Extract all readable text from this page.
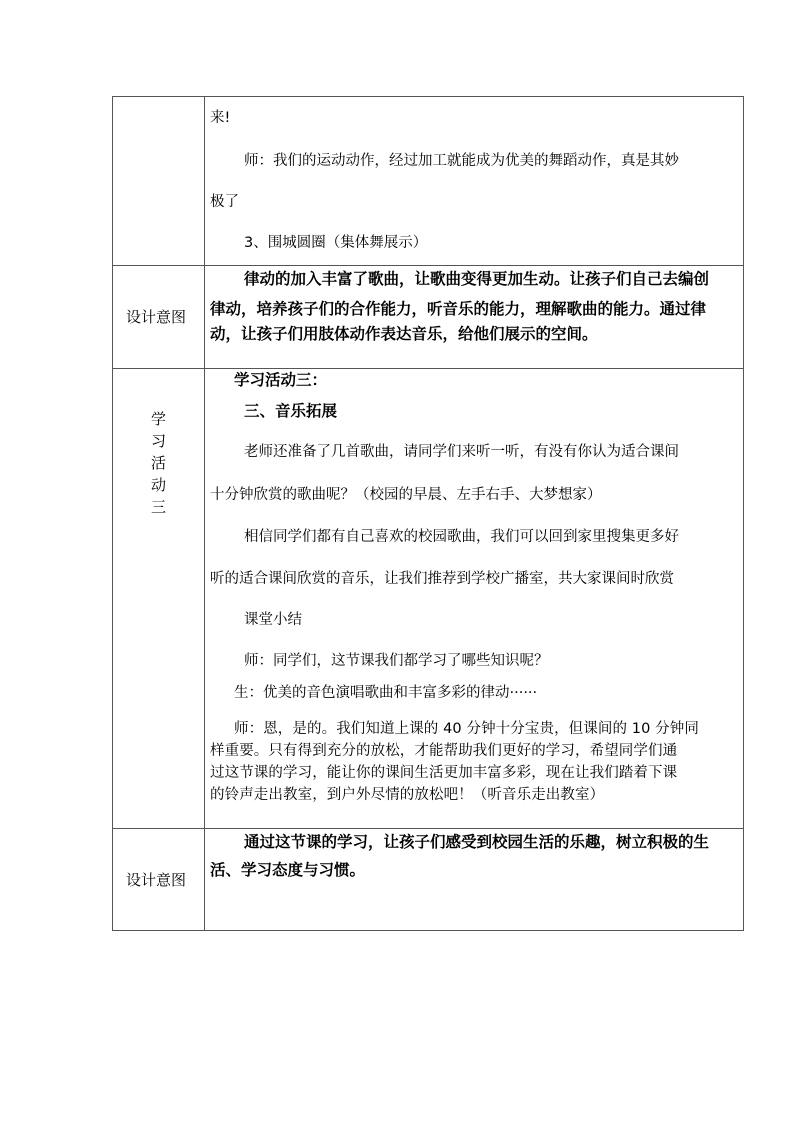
来!
师：我们的运动动作，经过加工就能成为优美的舞蹈动作，真是其妙
极了
3、围城圆圈（集体舞展示）
设计意图
律动的加入丰富了歌曲，让歌曲变得更加生动。让孩子们自己去编创
律动，培养孩子们的合作能力，听音乐的能力，理解歌曲的能力。通过律
动，让孩子们用肢体动作表达音乐，给他们展示的空间。
学
习
活
动
三
学习活动三：
三、音乐拓展
老师还准备了几首歌曲，请同学们来听一听，有没有你认为适合课间
十分钟欣赏的歌曲呢？（校园的早晨、左手右手、大梦想家）
相信同学们都有自己喜欢的校园歌曲，我们可以回到家里搜集更多好
听的适合课间欣赏的音乐，让我们推荐到学校广播室，共大家课间时欣赏
课堂小结
师：同学们，这节课我们都学习了哪些知识呢？
生：优美的音色演唱歌曲和丰富多彩的律动······
师：恩，是的。我们知道上课的 40 分钟十分宝贵，但课间的 10 分钟同
样重要。只有得到充分的放松，才能帮助我们更好的学习，希望同学们通
过这节课的学习，能让你的课间生活更加丰富多彩，现在让我们踏着下课
的铃声走出教室，到户外尽情的放松吧！（听音乐走出教室）
设计意图
通过这节课的学习，让孩子们感受到校园生活的乐趣，树立积极的生
活、学习态度与习惯。
